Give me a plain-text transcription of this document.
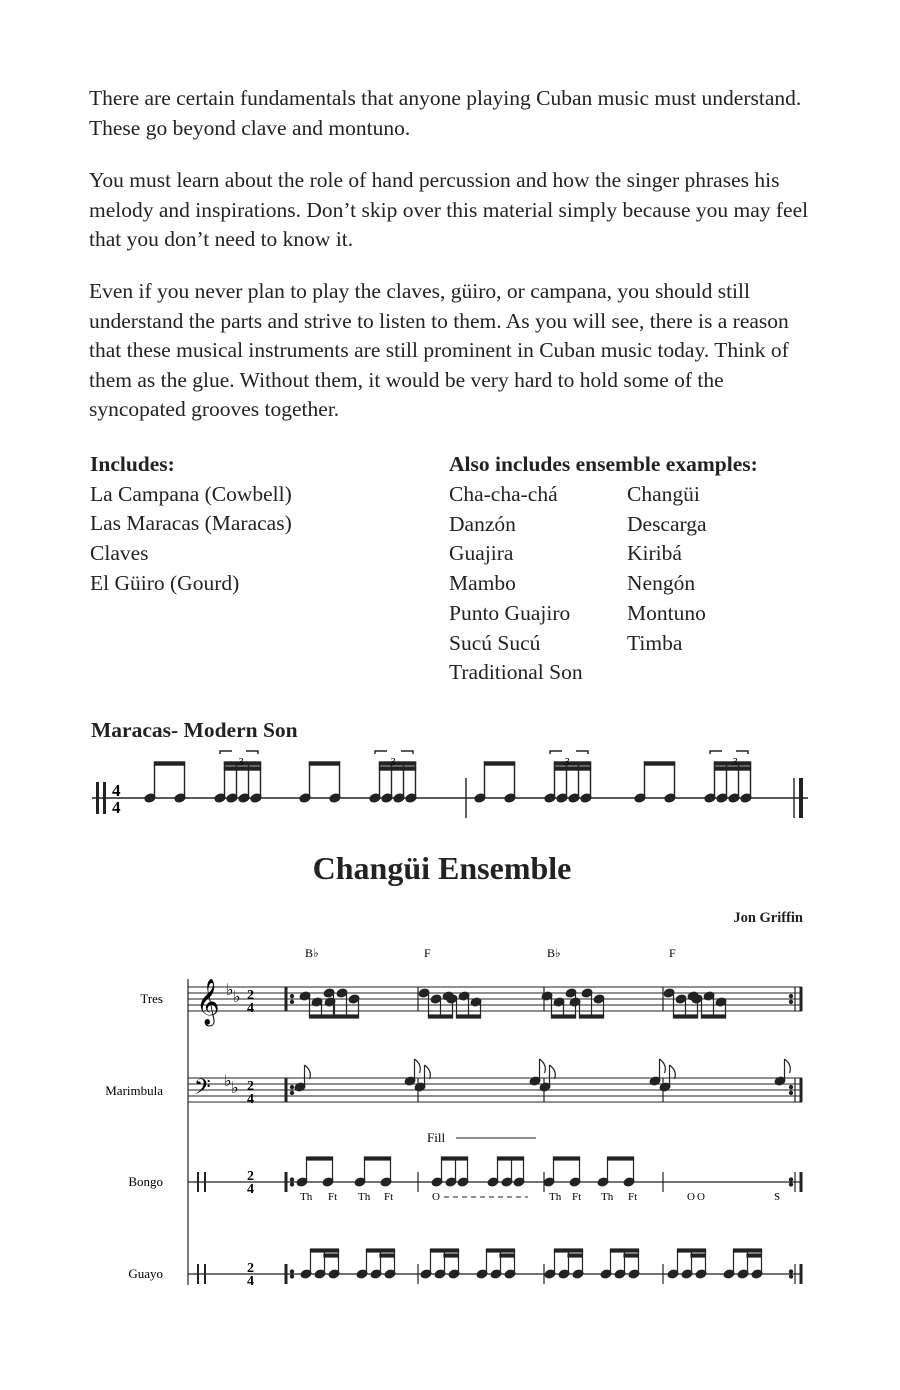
There are certain fundamentals that anyone playing Cuban music must understand. These go beyond clave and montuno.

You must learn about the role of hand percussion and how the singer phrases his melody and inspirations. Don’t skip over this material simply because you may feel that you don’t need to know it.

Even if you never plan to play the claves, güiro, or campana, you should still understand the parts and strive to listen to them. As you will see, there is a reason that these musical instruments are still prominent in Cuban music today. Think of them as the glue. Without them, it would be very hard to hold some of the syncopated grooves together.

Includes:
La Campana (Cowbell)
Las Maracas (Maracas)
Claves
El Güiro (Gourd)
Also includes ensemble examples:
Cha-cha-chá
Danzón
Guajira
Mambo
Punto Guajiro
Sucú Sucú
Traditional Son
Changüi
Descarga
Kiribá
Nengón
Montuno
Timba
Maracas- Modern Son
4
4
3	3	3	3
Changüi Ensemble
Jon Griffin
B♭	F	B♭	F
Tres
Marimbula
Bongo
Guayo
𝄞
𝄢
♭ ♭
♭ ♭
2
4
2
4
2
4
2
4
Fill
Th Ft Th Ft	O	Th Ft Th Ft	O O	S
